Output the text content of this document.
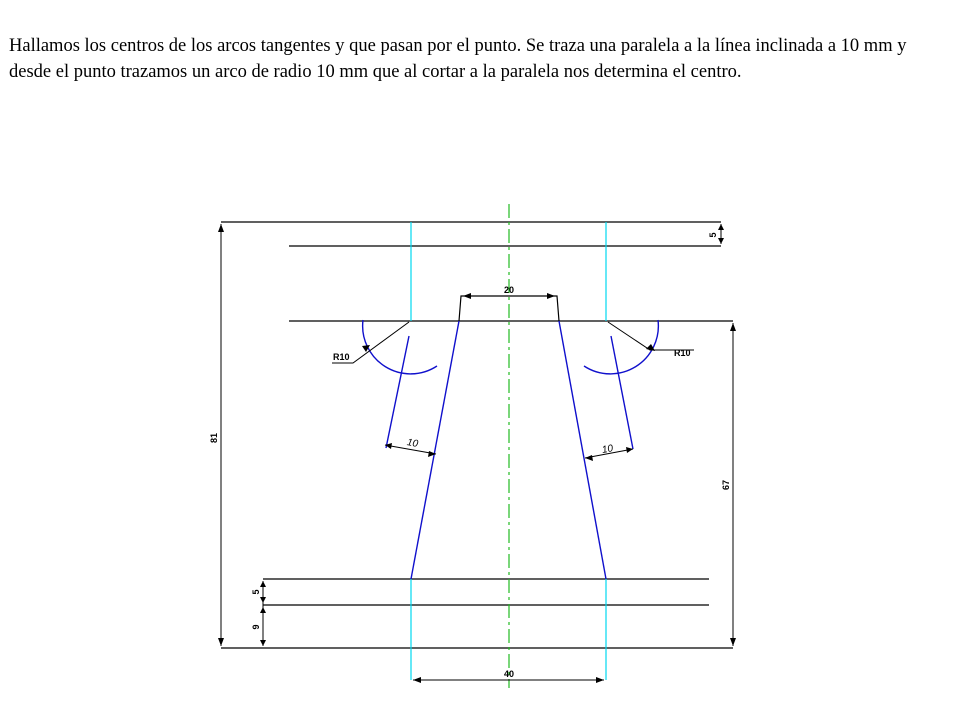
Hallamos los centros de los arcos tangentes y que pasan por el punto. Se traza una paralela a la línea inclinada a 10 mm y desde el punto trazamos un arco de radio 10 mm que al cortar a la paralela nos determina el centro.

20
40
81
67
5
5
9
R10	R10
10	10
